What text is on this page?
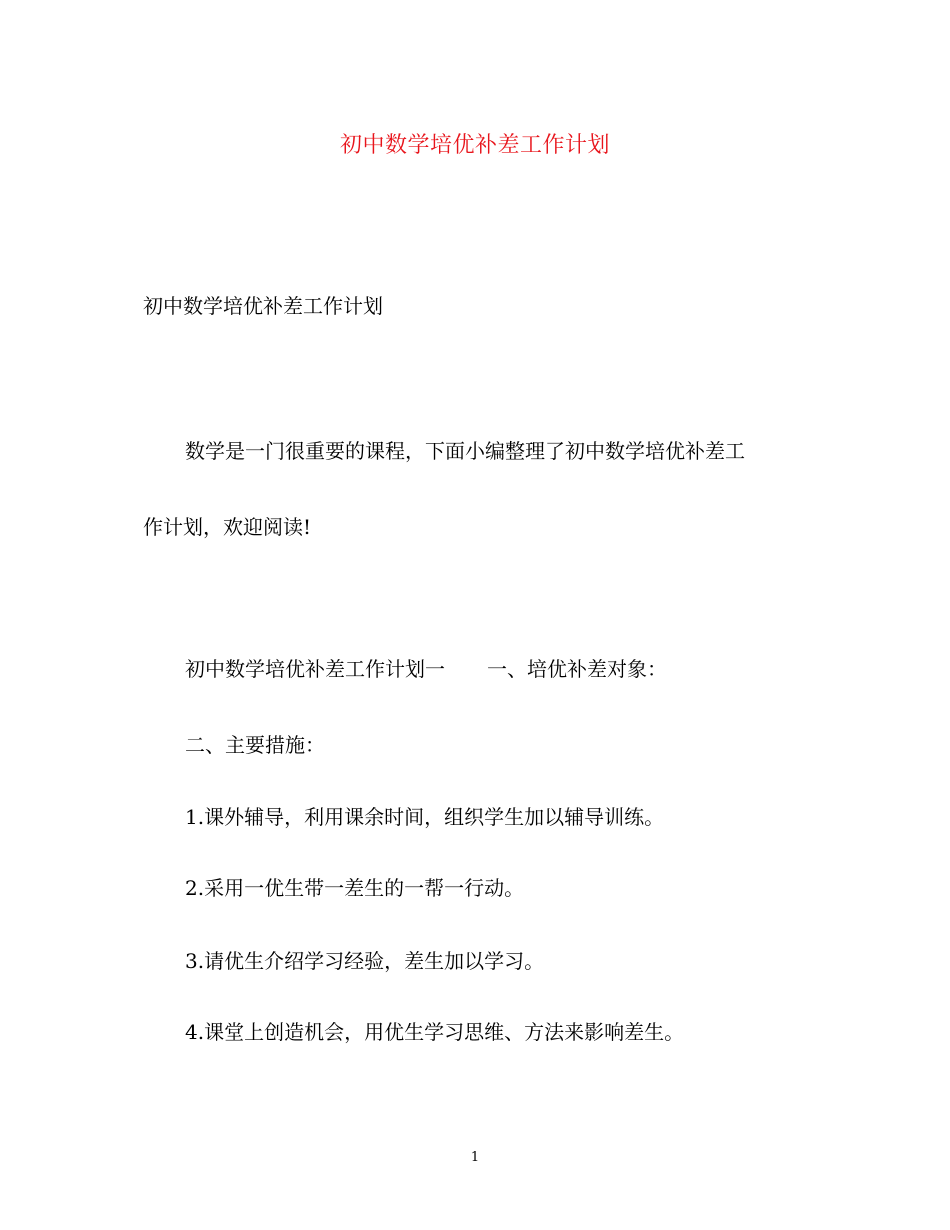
初中数学培优补差工作计划
初中数学培优补差工作计划
数学是一门很重要的课程，下面小编整理了初中数学培优补差工
作计划，欢迎阅读!
初中数学培优补差工作计划一 一、培优补差对象：
二、主要措施：
1.课外辅导，利用课余时间，组织学生加以辅导训练。
2.采用一优生带一差生的一帮一行动。
3.请优生介绍学习经验，差生加以学习。
4.课堂上创造机会，用优生学习思维、方法来影响差生。
1
